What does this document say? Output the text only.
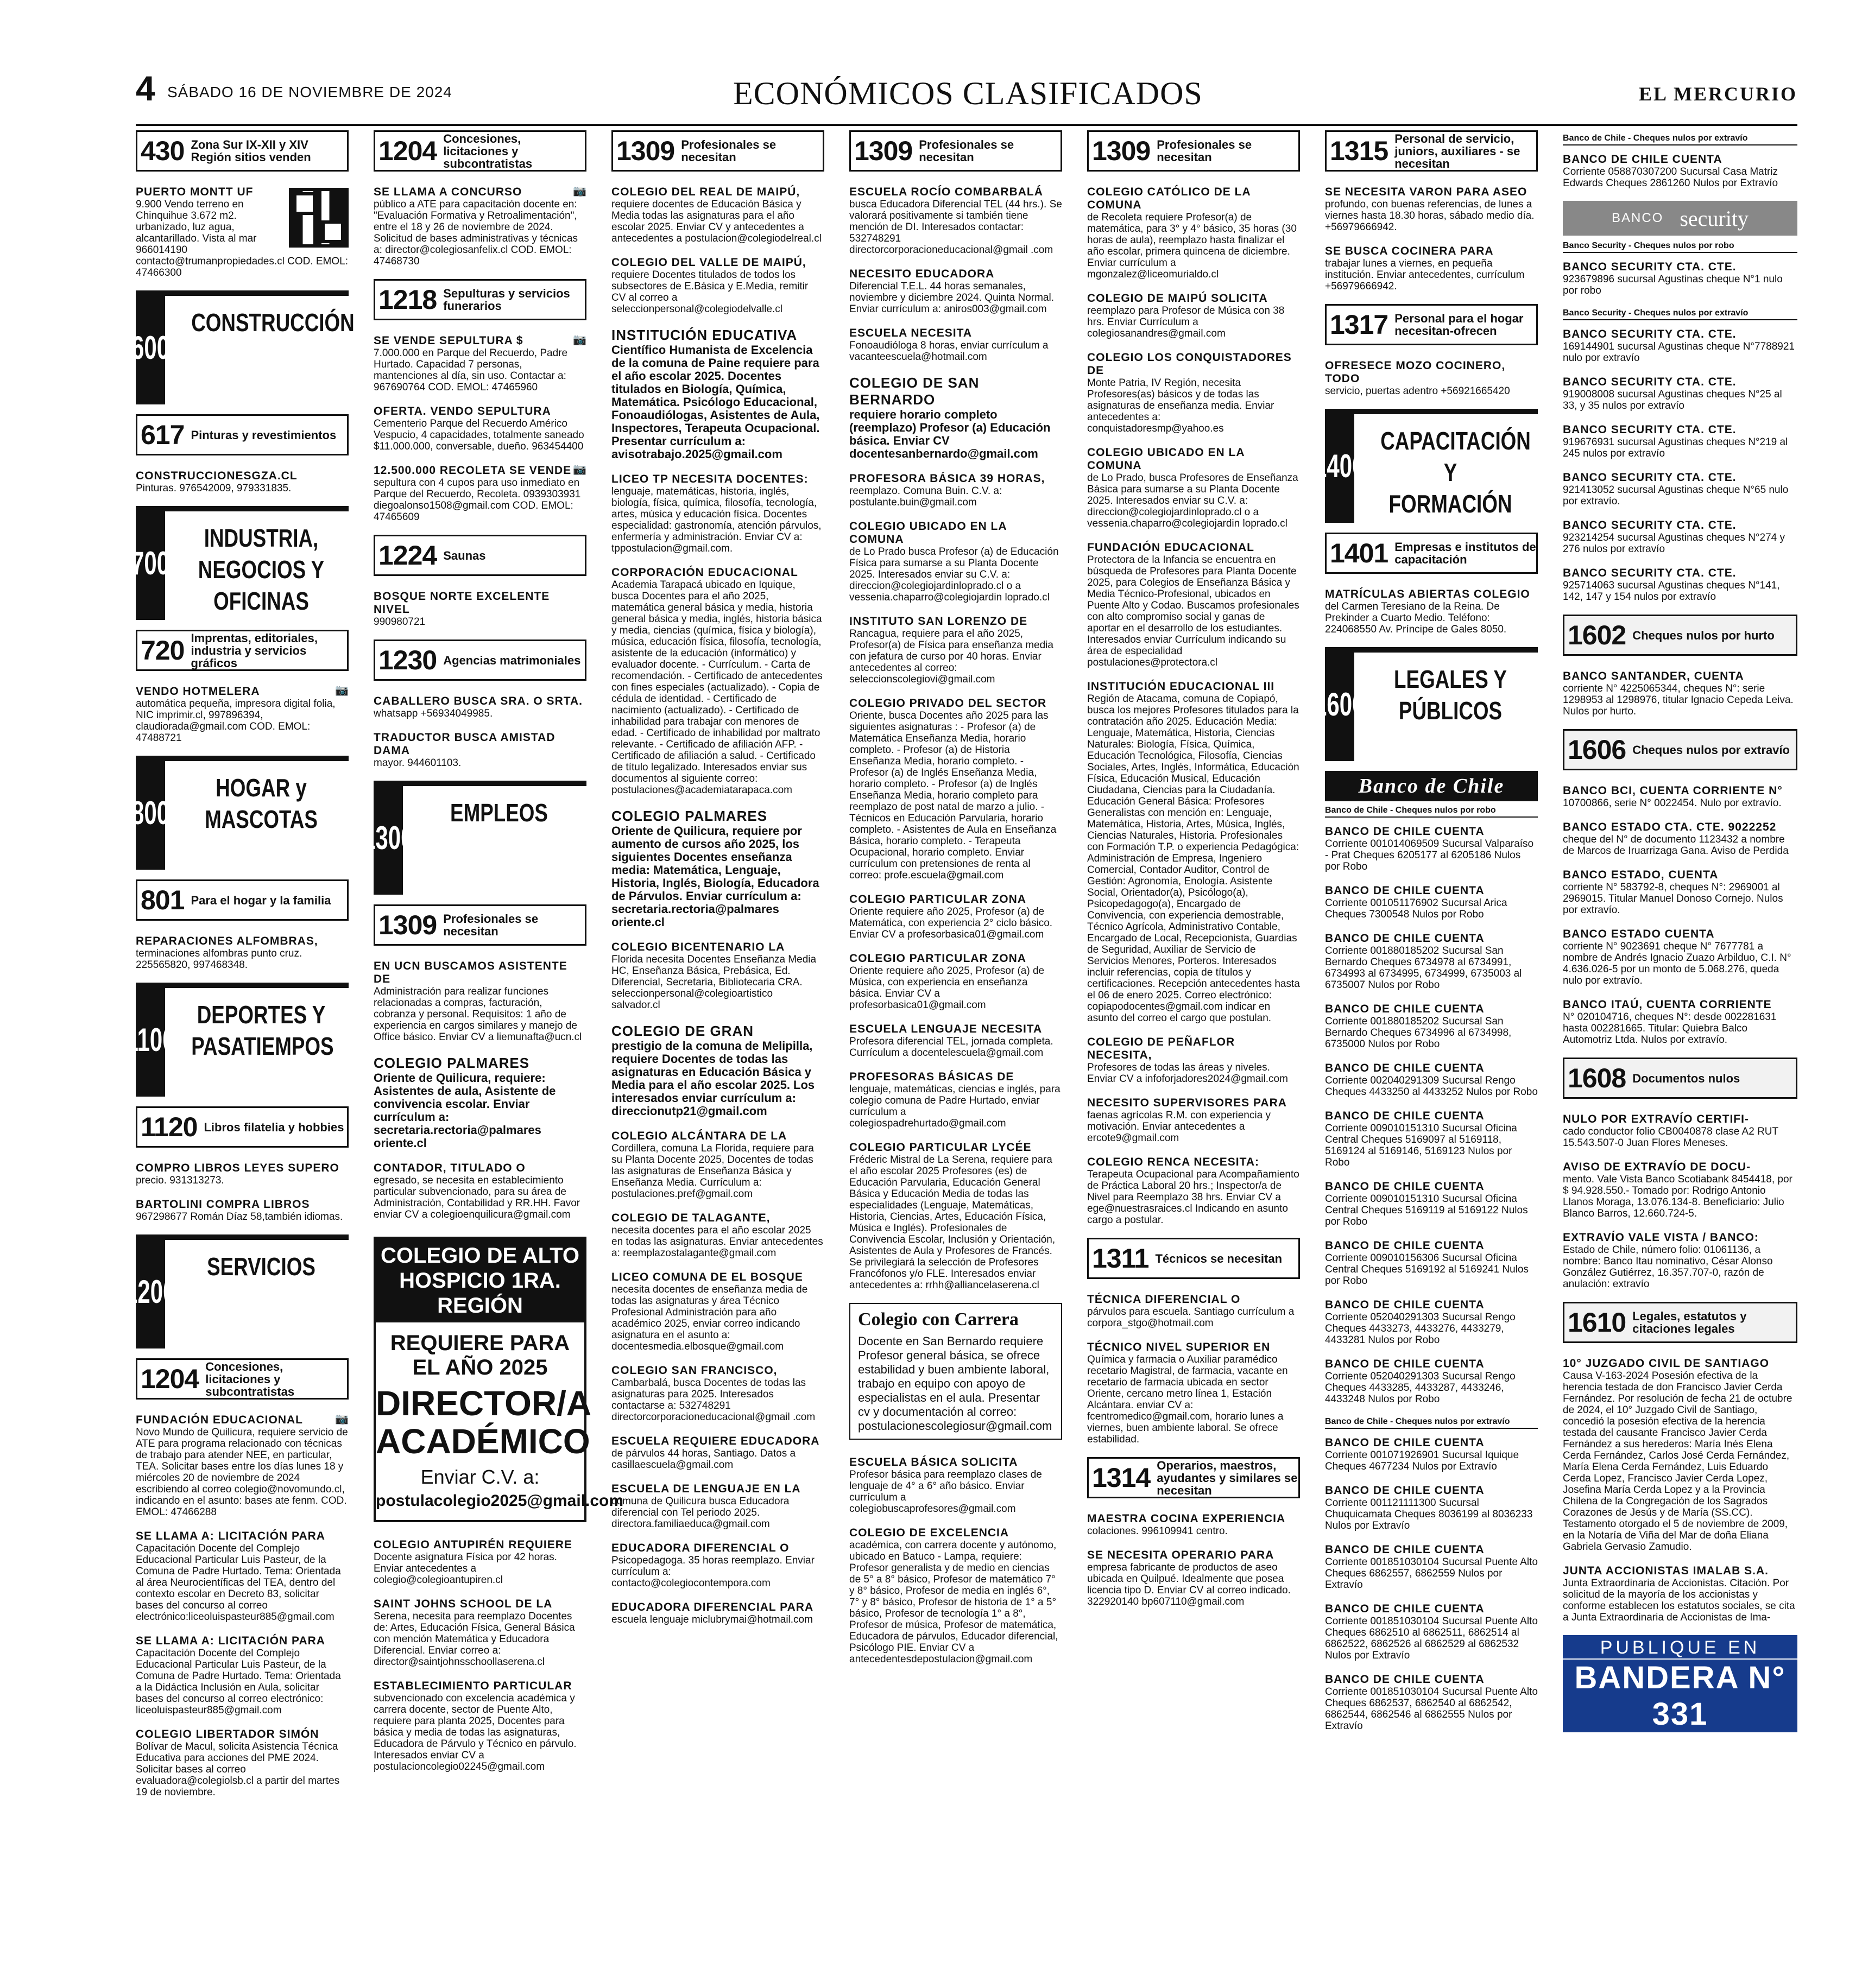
4 SÁBADO 16 DE NOVIEMBRE DE 2024	ECONÓMICOS CLASIFICADOS	EL MERCURIO
430 Zona Sur IX-XII y XIV Región sitios venden
PUERTO MONTT UF
9.900 Vendo terreno en Chinquihue 3.672 m2. urbanizado, luz agua, alcantarillado. Vista al mar 966014190 contacto@trumanpropiedades.cl COD. EMOL: 47466300
600
CONSTRUCCIÓN
617 Pinturas y revestimientos
CONSTRUCCIONESGZA.CL
Pinturas. 976542009, 979331835.
700
INDUSTRIA, NEGOCIOS Y OFICINAS
720 Imprentas, editoriales, industria y servicios gráficos
📷
VENDO HOTMELERA
automática pequeña, impresora digital folia, NIC imprimir.cl, 997896394, claudiorada@gmail.com COD. EMOL: 47488721
800
HOGAR y MASCOTAS
801 Para el hogar y la familia
REPARACIONES ALFOMBRAS,
terminaciones alfombras punto cruz. 225565820, 997468348.
1100
DEPORTES Y PASATIEMPOS
1120 Libros filatelia y hobbies
COMPRO LIBROS LEYES SUPERO
precio. 931313273.
BARTOLINI COMPRA LIBROS
967298677 Román Díaz 58,también idiomas.
1200
SERVICIOS
1204 Concesiones, licitaciones y subcontratistas
📷
FUNDACIÓN EDUCACIONAL
Novo Mundo de Quilicura, requiere servicio de ATE para programa relacionado con técnicas de trabajo para atender NEE, en particular, TEA. Solicitar bases entre los días lunes 18 y miércoles 20 de noviembre de 2024 escribiendo al correo colegio@novomundo.cl, indicando en el asunto: bases ate fenm. COD. EMOL: 47466288
SE LLAMA A: LICITACIÓN PARA
Capacitación Docente del Complejo Educacional Particular Luis Pasteur, de la Comuna de Padre Hurtado. Tema: Orientada al área Neurocientíficas del TEA, dentro del contexto escolar en Decreto 83, solicitar bases del concurso al correo electrónico:liceoluispasteur885@gmail.com
SE LLAMA A: LICITACIÓN PARA
Capacitación Docente del Complejo Educacional Particular Luis Pasteur, de la Comuna de Padre Hurtado. Tema: Orientada a la Didáctica Inclusión en Aula, solicitar bases del concurso al correo electrónico: liceoluispasteur885@gmail.com
COLEGIO LIBERTADOR SIMÓN
Bolívar de Macul, solicita Asistencia Técnica Educativa para acciones del PME 2024. Solicitar bases al correo evaluadora@colegiolsb.cl a partir del martes 19 de noviembre.
1204 Concesiones, licitaciones y subcontratistas
📷
SE LLAMA A CONCURSO
público a ATE para capacitación docente en: "Evaluación Formativa y Retroalimentación", entre el 18 y 26 de noviembre de 2024. Solicitud de bases administrativas y técnicas a: director@colegiosanfelix.cl COD. EMOL: 47468730
1218 Sepulturas y servicios funerarios
📷
SE VENDE SEPULTURA $
7.000.000 en Parque del Recuerdo, Padre Hurtado. Capacidad 7 personas, mantenciones al día, sin uso. Contactar a: 967690764 COD. EMOL: 47465960
OFERTA. VENDO SEPULTURA
Cementerio Parque del Recuerdo Américo Vespucio, 4 capacidades, totalmente saneado $11.000.000, conversable, dueño. 963454400
📷
12.500.000 RECOLETA SE VENDE
sepultura con 4 cupos para uso inmediato en Parque del Recuerdo, Recoleta. 0939303931 diegoalonso1508@gmail.com COD. EMOL: 47465609
1224 Saunas
BOSQUE NORTE EXCELENTE NIVEL
990980721
1230 Agencias matrimoniales
CABALLERO BUSCA SRA. O SRTA.
whatsapp +56934049985.
TRADUCTOR BUSCA AMISTAD DAMA
mayor. 944601103.
1300
EMPLEOS
1309 Profesionales se necesitan
EN UCN BUSCAMOS ASISTENTE DE
Administración para realizar funciones relacionadas a compras, facturación, cobranza y personal. Requisitos: 1 año de experiencia en cargos similares y manejo de Office básico. Enviar CV a liemunafta@ucn.cl
COLEGIO PALMARES
Oriente de Quilicura, requiere: Asistentes de aula, Asistente de convivencia escolar. Enviar currículum a: secretaria.rectoria@palmares oriente.cl
CONTADOR, TITULADO O
egresado, se necesita en establecimiento particular subvencionado, para su área de Administración, Contabilidad y RR.HH. Favor enviar CV a colegioenquilicura@gmail.com
COLEGIO DE ALTO HOSPICIO 1RA. REGIÓN
REQUIERE PARA EL AÑO 2025
DIRECTOR/A ACADÉMICO
Enviar C.V. a:
postulacolegio2025@gmail.com
COLEGIO ANTUPIRÉN REQUIERE
Docente asignatura Física por 42 horas. Enviar antecedentes a colegio@colegioantupiren.cl
SAINT JOHNS SCHOOL DE LA
Serena, necesita para reemplazo Docentes de: Artes, Educación Física, General Básica con mención Matemática y Educadora Diferencial. Enviar correo a: director@saintjohnsschoollaserena.cl
ESTABLECIMIENTO PARTICULAR
subvencionado con excelencia académica y carrera docente, sector de Puente Alto, requiere para planta 2025, Docentes para básica y media de todas las asignaturas, Educadora de Párvulo y Técnico en párvulo. Interesados enviar CV a postulacioncolegio02245@gmail.com
1309 Profesionales se necesitan
COLEGIO DEL REAL DE MAIPÚ,
requiere docentes de Educación Básica y Media todas las asignaturas para el año escolar 2025. Enviar CV y antecedentes a antecedentes a postulacion@colegiodelreal.cl
COLEGIO DEL VALLE DE MAIPÚ,
requiere Docentes titulados de todos los subsectores de E.Básica y E.Media, remitir CV al correo a seleccionpersonal@colegiodelvalle.cl
INSTITUCIÓN EDUCATIVA
Científico Humanista de Excelencia de la comuna de Paine requiere para el año escolar 2025. Docentes titulados en Biología, Química, Matemática. Psicólogo Educacional, Fonoaudiólogas, Asistentes de Aula, Inspectores, Terapeuta Ocupacional. Presentar currículum a: avisotrabajo.2025@gmail.com
LICEO TP NECESITA DOCENTES:
lenguaje, matemáticas, historia, inglés, biología, física, química, filosofía, tecnología, artes, música y educación física. Docentes especialidad: gastronomía, atención párvulos, enfermería y administración. Enviar CV a: tppostulacion@gmail.com.
CORPORACIÓN EDUCACIONAL
Academia Tarapacá ubicado en Iquique, busca Docentes para el año 2025, matemática general básica y media, historia general básica y media, inglés, historia básica y media, ciencias (química, física y biología), música, educación física, filosofía, tecnología, asistente de la educación (informático) y evaluador docente. - Currículum. - Carta de recomendación. - Certificado de antecedentes con fines especiales (actualizado). - Copia de cédula de identidad. - Certificado de nacimiento (actualizado). - Certificado de inhabilidad para trabajar con menores de edad. - Certificado de inhabilidad por maltrato relevante. - Certificado de afiliación AFP. - Certificado de afiliación a salud. - Certificado de título legalizado. Interesados enviar sus documentos al siguiente correo: postulaciones@academiatarapaca.com
COLEGIO PALMARES
Oriente de Quilicura, requiere por aumento de cursos año 2025, los siguientes Docentes enseñanza media: Matemática, Lenguaje, Historia, Inglés, Biología, Educadora de Párvulos. Enviar currículum a: secretaria.rectoria@palmares oriente.cl
COLEGIO BICENTENARIO LA
Florida necesita Docentes Enseñanza Media HC, Enseñanza Básica, Prebásica, Ed. Diferencial, Secretaria, Bibliotecaria CRA. seleccionpersonal@colegioartistico salvador.cl
COLEGIO DE GRAN
prestigio de la comuna de Melipilla, requiere Docentes de todas las asignaturas en Educación Básica y Media para el año escolar 2025. Los interesados enviar currículum a: direccionutp21@gmail.com
COLEGIO ALCÁNTARA DE LA
Cordillera, comuna La Florida, requiere para su Planta Docente 2025, Docentes de todas las asignaturas de Enseñanza Básica y Enseñanza Media. Currículum a: postulaciones.pref@gmail.com
COLEGIO DE TALAGANTE,
necesita docentes para el año escolar 2025 en todas las asignaturas. Enviar antecedentes a: reemplazostalagante@gmail.com
LICEO COMUNA DE EL BOSQUE
necesita docentes de enseñanza media de todas las asignaturas y área Técnico Profesional Administración para año académico 2025, enviar correo indicando asignatura en el asunto a: docentesmedia.elbosque@gmail.com
COLEGIO SAN FRANCISCO,
Cambarbalá, busca Docentes de todas las asignaturas para 2025. Interesados contactarse a: 532748291 directorcorporacioneducacional@gmail .com
ESCUELA REQUIERE EDUCADORA
de párvulos 44 horas, Santiago. Datos a casillaescuela@gmail.com
ESCUELA DE LENGUAJE EN LA
comuna de Quilicura busca Educadora diferencial con Tel periodo 2025. directora.familiaeduca@gmail.com
EDUCADORA DIFERENCIAL O
Psicopedagoga. 35 horas reemplazo. Enviar currículum a: contacto@colegiocontempora.com
EDUCADORA DIFERENCIAL PARA
escuela lenguaje miclubrymai@hotmail.com
1309 Profesionales se necesitan
ESCUELA ROCÍO COMBARBALÁ
busca Educadora Diferencial TEL (44 hrs.). Se valorará positivamente si también tiene mención de DI. Interesados contactar: 532748291 directorcorporacioneducacional@gmail .com
NECESITO EDUCADORA
Diferencial T.E.L. 44 horas semanales, noviembre y diciembre 2024. Quinta Normal. Enviar currículum a: aniros003@gmail.com
ESCUELA NECESITA
Fonoaudióloga 8 horas, enviar currículum a vacanteescuela@hotmail.com
COLEGIO DE SAN BERNARDO
requiere horario completo (reemplazo) Profesor (a) Educación básica. Enviar CV docentesanbernardo@gmail.com
PROFESORA BÁSICA 39 HORAS,
reemplazo. Comuna Buin. C.V. a: postulante.buin@gmail.com
COLEGIO UBICADO EN LA COMUNA
de Lo Prado busca Profesor (a) de Educación Física para sumarse a su Planta Docente 2025. Interesados enviar su C.V. a: direccion@colegiojardinloprado.cl o a vessenia.chaparro@colegiojardin loprado.cl
INSTITUTO SAN LORENZO DE
Rancagua, requiere para el año 2025, Profesor(a) de Física para enseñanza media con jefatura de curso por 40 horas. Enviar antecedentes al correo: seleccionscolegiovi@gmail.com
COLEGIO PRIVADO DEL SECTOR
Oriente, busca Docentes año 2025 para las siguientes asignaturas : - Profesor (a) de Matemática Enseñanza Media, horario completo. - Profesor (a) de Historia Enseñanza Media, horario completo. - Profesor (a) de Inglés Enseñanza Media, horario completo. - Profesor (a) de Inglés Enseñanza Media, horario completo para reemplazo de post natal de marzo a julio. - Técnicos en Educación Parvularia, horario completo. - Asistentes de Aula en Enseñanza Básica, horario completo. - Terapeuta Ocupacional, horario completo. Enviar currículum con pretensiones de renta al correo: profe.escuela@gmail.com
COLEGIO PARTICULAR ZONA
Oriente requiere año 2025, Profesor (a) de Matemática, con experiencia 2° ciclo básico. Enviar CV a profesorbasica01@gmail.com
COLEGIO PARTICULAR ZONA
Oriente requiere año 2025, Profesor (a) de Música, con experiencia en enseñanza básica. Enviar CV a profesorbasica01@gmail.com
ESCUELA LENGUAJE NECESITA
Profesora diferencial TEL, jornada completa. Currículum a docentelescuela@gmail.com
PROFESORAS BÁSICAS DE
lenguaje, matemáticas, ciencias e inglés, para colegio comuna de Padre Hurtado, enviar currículum a colegiospadrehurtado@gmail.com
COLEGIO PARTICULAR LYCÉE
Fréderic Mistral de La Serena, requiere para el año escolar 2025 Profesores (es) de Educación Parvularia, Educación General Básica y Educación Media de todas las especialidades (Lenguaje, Matemáticas, Historia, Ciencias, Artes, Educación Física, Música e Inglés). Profesionales de Convivencia Escolar, Inclusión y Orientación, Asistentes de Aula y Profesores de Francés. Se privilegiará la selección de Profesores Francófonos y/o FLE. Interesados enviar antecedentes a: rrhh@alliancelaserena.cl
Colegio con Carrera
Docente en San Bernardo requiere Profesor general básica, se ofrece estabilidad y buen ambiente laboral, trabajo en equipo con apoyo de especialistas en el aula. Presentar cv y documentación al correo: postulacionescolegiosur@gmail.com
ESCUELA BÁSICA SOLICITA
Profesor básica para reemplazo clases de lenguaje de 4° a 6° año básico. Enviar currículum a colegiobuscaprofesores@gmail.com
COLEGIO DE EXCELENCIA
académica, con carrera docente y autónomo, ubicado en Batuco - Lampa, requiere: Profesor generalista y de medio en ciencias de 5° a 8° básico, Profesor de matemático 7° y 8° básico, Profesor de media en inglés 6°, 7° y 8° básico, Profesor de historia de 1° a 5° básico, Profesor de tecnología 1° a 8°, Profesor de música, Profesor de matemática, Educadora de párvulos, Educador diferencial, Psicólogo PIE. Enviar CV a antecedentesdepostulacion@gmail.com
1309 Profesionales se necesitan
COLEGIO CATÓLICO DE LA COMUNA
de Recoleta requiere Profesor(a) de matemática, para 3° y 4° básico, 35 horas (30 horas de aula), reemplazo hasta finalizar el año escolar, primera quincena de diciembre. Enviar currículum a mgonzalez@liceomurialdo.cl
COLEGIO DE MAIPÚ SOLICITA
reemplazo para Profesor de Música con 38 hrs. Enviar Currículum a colegiosanandres@gmail.com
COLEGIO LOS CONQUISTADORES DE
Monte Patria, IV Región, necesita Profesores(as) básicos y de todas las asignaturas de enseñanza media. Enviar antecedentes a: conquistadoresmp@yahoo.es
COLEGIO UBICADO EN LA COMUNA
de Lo Prado, busca Profesores de Enseñanza Básica para sumarse a su Planta Docente 2025. Interesados enviar su C.V. a: direccion@colegiojardinloprado.cl o a vessenia.chaparro@colegiojardin loprado.cl
FUNDACIÓN EDUCACIONAL
Protectora de la Infancia se encuentra en búsqueda de Profesores para Planta Docente 2025, para Colegios de Enseñanza Básica y Media Técnico-Profesional, ubicados en Puente Alto y Codao. Buscamos profesionales con alto compromiso social y ganas de aportar en el desarrollo de los estudiantes. Interesados enviar Currículum indicando su área de especialidad postulaciones@protectora.cl
INSTITUCIÓN EDUCACIONAL III
Región de Atacama, comuna de Copiapó, busca los mejores Profesores titulados para la contratación año 2025. Educación Media: Lenguaje, Matemática, Historia, Ciencias Naturales: Biología, Física, Química, Educación Tecnológica, Filosofía, Ciencias Sociales, Artes, Inglés, Informática, Educación Física, Educación Musical, Educación Ciudadana, Ciencias para la Ciudadanía. Educación General Básica: Profesores Generalistas con mención en: Lenguaje, Matemática, Historia, Artes, Música, Inglés, Ciencias Naturales, Historia. Profesionales con Formación T.P. o experiencia Pedagógica: Administración de Empresa, Ingeniero Comercial, Contador Auditor, Control de Gestión: Agronomía, Enología. Asistente Social, Orientador(a), Psicólogo(a), Psicopedagogo(a), Encargado de Convivencia, con experiencia demostrable, Técnico Agrícola, Administrativo Contable, Encargado de Local, Recepcionista, Guardias de Seguridad, Auxiliar de Servicio de Servicios Menores, Porteros. Interesados incluir referencias, copia de títulos y certificaciones. Recepción antecedentes hasta el 06 de enero 2025. Correo electrónico: copiapodocentes@gmail.com indicar en asunto del correo el cargo que postulan.
COLEGIO DE PEÑAFLOR NECESITA,
Profesores de todas las áreas y niveles. Enviar CV a infoforjadores2024@gmail.com
NECESITO SUPERVISORES PARA
faenas agrícolas R.M. con experiencia y motivación. Enviar antecedentes a ercote9@gmail.com
COLEGIO RENCA NECESITA:
Terapeuta Ocupacional para Acompañamiento de Práctica Laboral 20 hrs.; Inspector/a de Nivel para Reemplazo 38 hrs. Enviar CV a ege@nuestrasraices.cl Indicando en asunto cargo a postular.
1311 Técnicos se necesitan
TÉCNICA DIFERENCIAL O
párvulos para escuela. Santiago currículum a corpora_stgo@hotmail.com
TÉCNICO NIVEL SUPERIOR EN
Química y farmacia o Auxiliar paramédico recetario Magistral, de farmacia, vacante en recetario de farmacia ubicada en sector Oriente, cercano metro línea 1, Estación Alcántara. enviar CV a: fcentromedico@gmail.com, horario lunes a viernes, buen ambiente laboral. Se ofrece estabilidad.
1314 Operarios, maestros, ayudantes y similares se necesitan
MAESTRA COCINA EXPERIENCIA
colaciones. 996109941 centro.
SE NECESITA OPERARIO PARA
empresa fabricante de productos de aseo ubicada en Quilpué. Idealmente que posea licencia tipo D. Enviar CV al correo indicado. 322920140 bp607110@gmail.com
1315 Personal de servicio, juniors, auxiliares - se necesitan
SE NECESITA VARON PARA ASEO
profundo, con buenas referencias, de lunes a viernes hasta 18.30 horas, sábado medio día. +56979666942.
SE BUSCA COCINERA PARA
trabajar lunes a viernes, en pequeña institución. Enviar antecedentes, currículum +56979666942.
1317 Personal para el hogar necesitan-ofrecen
OFRESECE MOZO COCINERO, TODO
servicio, puertas adentro +56921665420
1400
CAPACITACIÓN Y FORMACIÓN
1401 Empresas e institutos de capacitación
MATRÍCULAS ABIERTAS COLEGIO
del Carmen Teresiano de la Reina. De Prekinder a Cuarto Medio. Teléfono: 224068550 Av. Príncipe de Gales 8050.
1600
LEGALES Y PÚBLICOS
Banco de Chile
Banco de Chile - Cheques nulos por robo
BANCO DE CHILE CUENTA
Corriente 001014069509 Sucursal Valparaíso - Prat Cheques 6205177 al 6205186 Nulos por Robo
BANCO DE CHILE CUENTA
Corriente 001051176902 Sucursal Arica Cheques 7300548 Nulos por Robo
BANCO DE CHILE CUENTA
Corriente 001880185202 Sucursal San Bernardo Cheques 6734978 al 6734991, 6734993 al 6734995, 6734999, 6735003 al 6735007 Nulos por Robo
BANCO DE CHILE CUENTA
Corriente 001880185202 Sucursal San Bernardo Cheques 6734996 al 6734998, 6735000 Nulos por Robo
BANCO DE CHILE CUENTA
Corriente 002040291309 Sucursal Rengo Cheques 4433250 al 4433252 Nulos por Robo
BANCO DE CHILE CUENTA
Corriente 009010151310 Sucursal Oficina Central Cheques 5169097 al 5169118, 5169124 al 5169146, 5169123 Nulos por Robo
BANCO DE CHILE CUENTA
Corriente 009010151310 Sucursal Oficina Central Cheques 5169119 al 5169122 Nulos por Robo
BANCO DE CHILE CUENTA
Corriente 009010156306 Sucursal Oficina Central Cheques 5169192 al 5169241 Nulos por Robo
BANCO DE CHILE CUENTA
Corriente 052040291303 Sucursal Rengo Cheques 4433273, 4433276, 4433279, 4433281 Nulos por Robo
BANCO DE CHILE CUENTA
Corriente 052040291303 Sucursal Rengo Cheques 4433285, 4433287, 4433246, 4433248 Nulos por Robo
Banco de Chile - Cheques nulos por extravío
BANCO DE CHILE CUENTA
Corriente 001071926901 Sucursal Iquique Cheques 4677234 Nulos por Extravío
BANCO DE CHILE CUENTA
Corriente 001121111300 Sucursal Chuquicamata Cheques 8036199 al 8036233 Nulos por Extravío
BANCO DE CHILE CUENTA
Corriente 001851030104 Sucursal Puente Alto Cheques 6862557, 6862559 Nulos por Extravío
BANCO DE CHILE CUENTA
Corriente 001851030104 Sucursal Puente Alto Cheques 6862510 al 6862511, 6862514 al 6862522, 6862526 al 6862529 al 6862532 Nulos por Extravío
BANCO DE CHILE CUENTA
Corriente 001851030104 Sucursal Puente Alto Cheques 6862537, 6862540 al 6862542, 6862544, 6862546 al 6862555 Nulos por Extravío
Banco de Chile - Cheques nulos por extravío
BANCO DE CHILE CUENTA
Corriente 058870307200 Sucursal Casa Matriz Edwards Cheques 2861260 Nulos por Extravío
BANCO security
Banco Security - Cheques nulos por robo
BANCO SECURITY CTA. CTE.
923679896 sucursal Agustinas cheque N°1 nulo por robo
Banco Security - Cheques nulos por extravío
BANCO SECURITY CTA. CTE.
169144901 sucursal Agustinas cheque N°7788921 nulo por extravío
BANCO SECURITY CTA. CTE.
919008008 sucursal Agustinas cheques N°25 al 33, y 35 nulos por extravío
BANCO SECURITY CTA. CTE.
919676931 sucursal Agustinas cheques N°219 al 245 nulos por extravío
BANCO SECURITY CTA. CTE.
921413052 sucursal Agustinas cheque N°65 nulo por extravío.
BANCO SECURITY CTA. CTE.
923214254 sucursal Agustinas cheques N°274 y 276 nulos por extravío
BANCO SECURITY CTA. CTE.
925714063 sucursal Agustinas cheques N°141, 142, 147 y 154 nulos por extravío
1602 Cheques nulos por hurto
BANCO SANTANDER, CUENTA
corriente N° 4225065344, cheques N°: serie 1298953 al 1298976, titular Ignacio Cepeda Leiva. Nulos por hurto.
1606 Cheques nulos por extravío
BANCO BCI, CUENTA CORRIENTE N°
10700866, serie N° 0022454. Nulo por extravío.
BANCO ESTADO CTA. CTE. 9022252
cheque del N° de documento 1123432 a nombre de Marcos de Iruarrizaga Gana. Aviso de Perdida
BANCO ESTADO, CUENTA
corriente N° 583792-8, cheques N°: 2969001 al 2969015. Titular Manuel Donoso Cornejo. Nulos por extravío.
BANCO ESTADO CUENTA
corriente N° 9023691 cheque N° 7677781 a nombre de Andrés Ignacio Zuazo Arbilduo, C.I. N° 4.636.026-5 por un monto de 5.068.276, queda nulo por extravío.
BANCO ITAÚ, CUENTA CORRIENTE
N° 020104716, cheques N°: desde 002281631 hasta 002281665. Titular: Quiebra Balco Automotriz Ltda. Nulos por extravío.
1608 Documentos nulos
NULO POR EXTRAVÍO CERTIFI-
cado conductor folio CB0040878 clase A2 RUT 15.543.507-0 Juan Flores Meneses.
AVISO DE EXTRAVÍO DE DOCU-
mento. Vale Vista Banco Scotiabank 8454418, por $ 94.928.550.- Tomado por: Rodrigo Antonio Llanos Moraga, 13.076.134-8. Beneficiario: Julio Blanco Barros, 12.660.724-5.
EXTRAVÍO VALE VISTA / BANCO:
Estado de Chile, número folio: 01061136, a nombre: Banco Itau nominativo, César Alonso González Gutiérrez, 16.357.707-0, razón de anulación: extravío
1610 Legales, estatutos y citaciones legales
10° JUZGADO CIVIL DE SANTIAGO
Causa V-163-2024 Posesión efectiva de la herencia testada de don Francisco Javier Cerda Fernández. Por resolución de fecha 21 de octubre de 2024, el 10° Juzgado Civil de Santiago, concedió la posesión efectiva de la herencia testada del causante Francisco Javier Cerda Fernández a sus herederos: María Inés Elena Cerda Fernández, Carlos José Cerda Fernández, María Elena Cerda Fernández, Luis Eduardo Cerda Lopez, Francisco Javier Cerda Lopez, Josefina María Cerda Lopez y a la Provincia Chilena de la Congregación de los Sagrados Corazones de Jesús y de María (SS.CC). Testamento otorgado el 5 de noviembre de 2009, en la Notaría de Viña del Mar de doña Eliana Gabriela Gervasio Zamudio.
JUNTA ACCIONISTAS IMALAB S.A.
Junta Extraordinaria de Accionistas. Citación. Por solicitud de la mayoría de los accionistas y conforme establecen los estatutos sociales, se cita a Junta Extraordinaria de Accionistas de Ima-
PUBLIQUE EN
BANDERA N° 331
